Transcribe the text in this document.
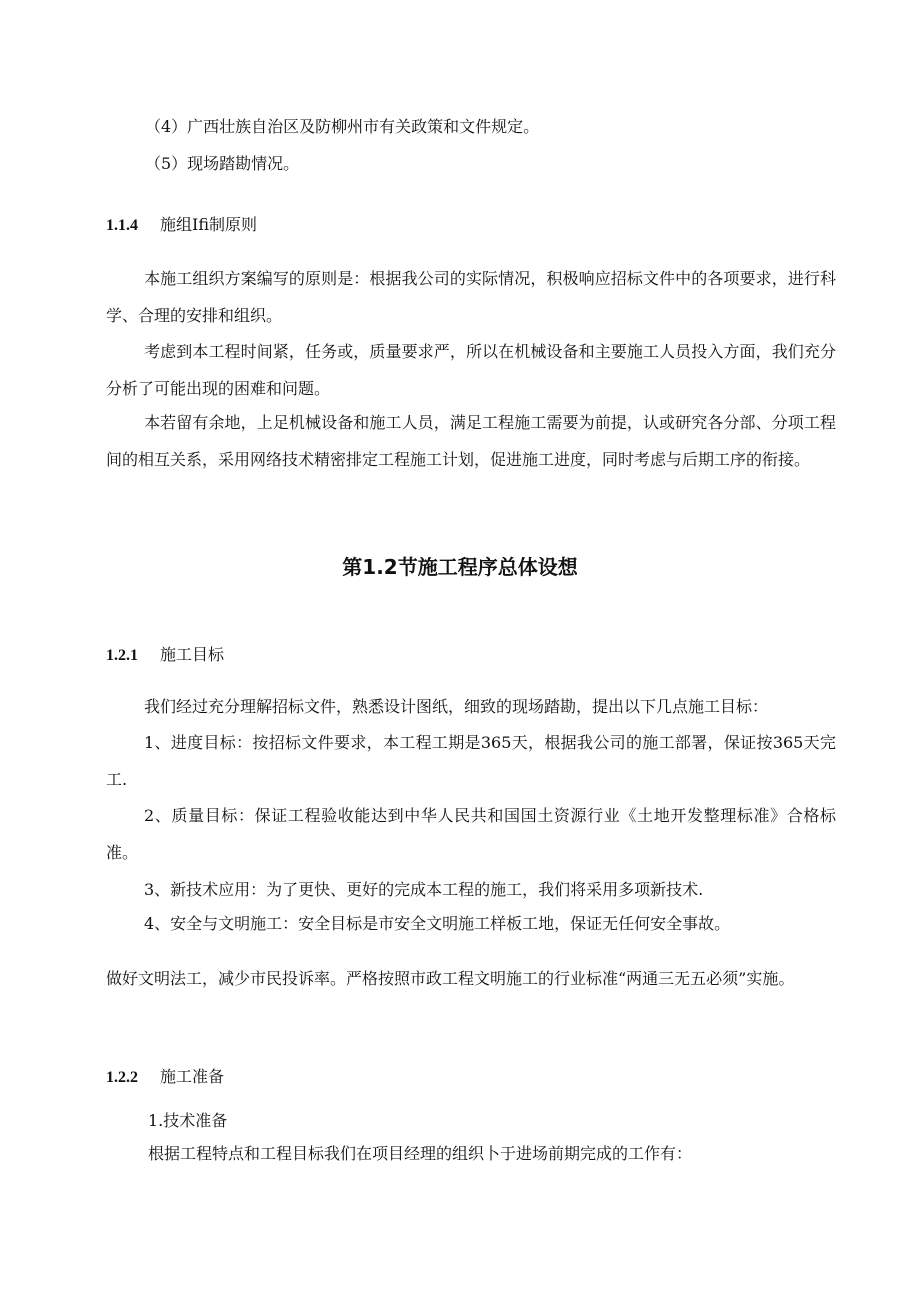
（4）广西壮族自治区及防柳州市有关政策和文件规定。
（5）现场踏勘情况。
1.1.4 施组Ifi制原则
本施工组织方案编写的原则是：根据我公司的实际情况，积极响应招标文件中的各项要求，进行科学、合理的安排和组织。
考虑到本工程时间紧，任务或，质量要求严，所以在机械设备和主要施工人员投入方面，我们充分分析了可能出现的困难和问题。
本若留有余地，上足机械设备和施工人员，满足工程施工需要为前提，认或研究各分部、分项工程间的相互关系，采用网络技术精密排定工程施工计划，促进施工进度，同时考虑与后期工序的衔接。
第1.2节施工程序总体设想
1.2.1 施工目标
我们经过充分理解招标文件，熟悉设计图纸，细致的现场踏勘，提出以下几点施工目标：
1、进度目标：按招标文件要求，本工程工期是365天，根据我公司的施工部署，保证按365天完工.
2、质量目标：保证工程验收能达到中华人民共和国国土资源行业《土地开发整理标准》合格标准。
3、新技术应用：为了更快、更好的完成本工程的施工，我们将采用多项新技术.
4、安全与文明施工：安全目标是市安全文明施工样板工地，保证无任何安全事故。
做好文明法工，减少市民投诉率。严格按照市政工程文明施工的行业标准“两通三无五必须”实施。
1.2.2 施工准备
1.技术准备
根据工程特点和工程目标我们在项目经理的组织卜于进场前期完成的工作有：
